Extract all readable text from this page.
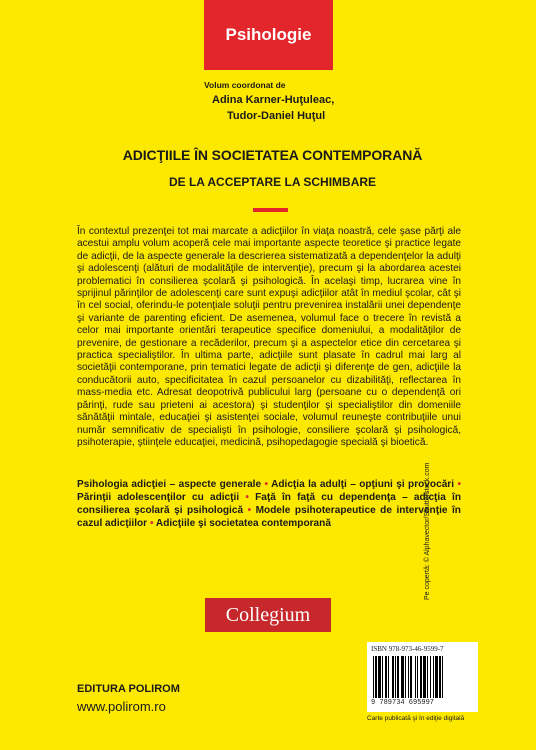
Psihologie
Volum coordonat de
Adina Karner-Huţuleac,
Tudor-Daniel Huţul
ADICŢIILE ÎN SOCIETATEA CONTEMPORANĂ
DE LA ACCEPTARE LA SCHIMBARE

În contextul prezenţei tot mai marcate a adicţiilor în viaţa noastră, cele şase părţi ale acestui amplu volum acoperă cele mai importante aspecte teoretice şi practice legate de adicţii, de la aspecte generale la descrierea sistematizată a dependenţelor la adulţi şi adolescenţi (alături de modalităţile de intervenţie), precum şi la abordarea acestei problematici în consilierea şcolară şi psihologică. În acelaşi timp, lucrarea vine în sprijinul părinţilor de adolescenţi care sunt expuşi adicţiilor atât în mediul şcolar, cât şi în cel social, oferindu-le potenţiale soluţii pentru prevenirea instalării unei dependenţe şi variante de parenting eficient. De asemenea, volumul face o trecere în revistă a celor mai importante orientări terapeutice specifice domeniului, a modalităţilor de prevenire, de gestionare a recăderilor, precum şi a aspectelor etice din cercetarea şi practica specialiştilor. În ultima parte, adicţiile sunt plasate în cadrul mai larg al societăţii contemporane, prin tematici legate de adicţii şi diferenţe de gen, adicţiile la conducătorii auto, specificitatea în cazul persoanelor cu dizabilităţi, reflectarea în mass-media etc. Adresat deopotrivă publicului larg (persoane cu o dependenţă ori părinţi, rude sau prieteni ai acestora) şi studenţilor şi specialiştilor din domeniile sănătăţii mintale, educaţiei şi asistenţei sociale, volumul reuneşte contribuţiile unui număr semnificativ de specialişti în psihologie, consiliere şcolară şi psihologică, psihoterapie, ştiinţele educaţiei, medicină, psihopedagogie specială şi bioetică.

Psihologia adicţiei – aspecte generale • Adicţia la adulţi – opţiuni şi provocări • Părinţii adolescenţilor cu adicţii • Faţă în faţă cu dependenţa – adicţia în consilierea şcolară şi psihologică • Modele psihoterapeutice de intervenţie în cazul adicţiilor • Adicţiile şi societatea contemporană

Collegium
EDITURA POLIROM
www.polirom.ro
ISBN 978-973-46-9599-7
9 789734 695997
Carte publicată şi în ediţie digitală
Pe copertă: © Alphavector/Shutterstock.com
